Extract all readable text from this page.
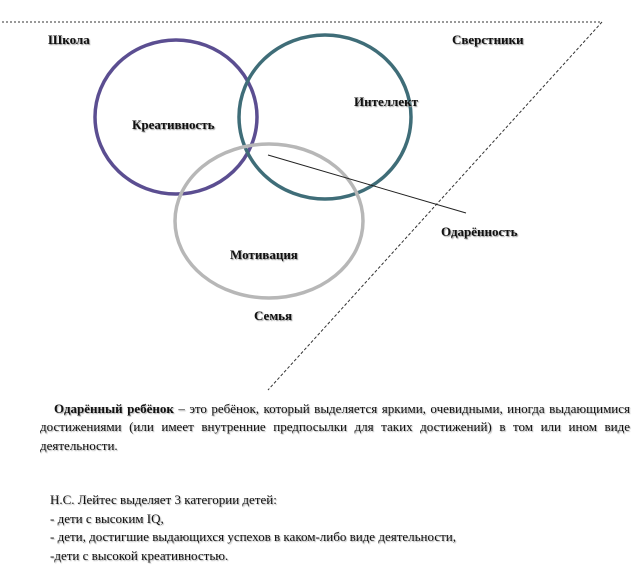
Школа	Сверстники
Креативность
Интеллект
Одарённость
Мотивация
Семья

Одарённый ребёнок – это ребёнок, который выделяется яркими, очевидными, иногда выдающимися достижениями (или имеет внутренние предпосылки для таких достижений) в том или ином виде деятельности.

Н.С. Лейтес выделяет 3 категории детей:
- дети с высоким IQ,
- дети, достигшие выдающихся успехов в каком-либо виде деятельности,
-дети с высокой креативностью.
